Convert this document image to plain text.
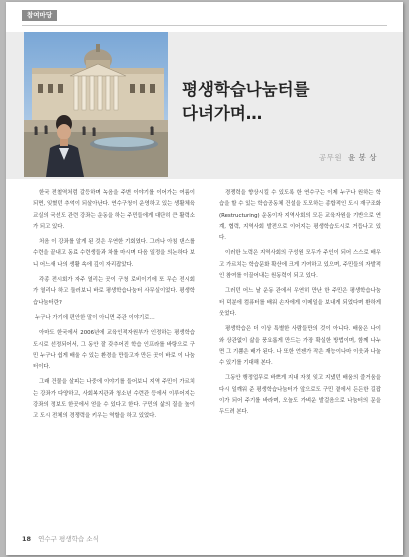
참여마당
평생학습나눔터를
다녀가며…
공무원 윤 봉 상

한국 전철역처럼 갈등하며 녹음을 주변 이야기를 이어가는 여름이 되면, 잊혔던 추억이 되살아난다. 연수구청이 운영하고 있는 생활체육교실의 국선도 관련 강좌는 운동을 하는 주민들에게 대단히 큰 활력소가 되고 있다.

처음 이 강좌를 알게 된 것은 우연한 기회였다. 그러나 아침 댄스를 수련을 끝내고 동료 수련생들과 차를 마시며 다음 일정을 의논하다 보니 어느새 나의 생활 속에 깊이 자리잡았다.

각종 전시회가 자주 열리는 곳이 구청 로비이기에 또 무슨 전시회가 열리나 하고 둘러보니 바로 평생학습나눔터 사무실이었다. 평생학습나눔터란?

누구나 가기에 편안한 말이 아니면 주관 이야기로…

아마도 한국에서 2006년에 교육인적자원부가 인정하는 평생학습도시로 선정되어서, 그 동안 잘 갖추어진 학습 인프라를 바탕으로 구민 누구나 쉽게 배울 수 있는 환경을 만들고자 만든 곳이 바로 이 나눔터이다.

그래 건물을 살피는 나중에 이야기를 들어보니 지역 주민이 가르치는 강좌가 다양하고, 사회복지관과 청소년 수련관 등에서 이루어지는 강좌의 정보도 한곳에서 얻을 수 있다고 한다. 구민의 삶의 질을 높이고 도시 전체의 경쟁력을 키우는 역할을 하고 있었다.

경쟁력을 향상시킬 수 있도록 한 연수구는 이제 누구나 원하는 학습을 할 수 있는 학습공동체 건설을 도모하는 종합적인 도시 재구조화(Restructuring) 운동이자 지역사회의 모든 교육자원을 기반으로 연계, 협력, 지역사회 발전으로 이어지는 평생학습도시로 거듭나고 있다.

이러한 노력은 지역사회의 구성원 모두가 주인이 되어 스스로 배우고 가르치는 학습문화 확산에 크게 기여하고 있으며, 주민들의 자발적인 참여를 이끌어내는 원동력이 되고 있다.

그러던 어느 날 운동 관에서 우연히 만난 한 주민은 평생학습나눔터 덕분에 컴퓨터를 배워 손자에게 이메일을 보내게 되었다며 환하게 웃었다.

평생학습은 더 이상 특별한 사람들만의 것이 아니다. 배움은 나이와 상관없이 삶을 풍요롭게 만드는 가장 확실한 방법이며, 함께 나누면 그 기쁨은 배가 된다. 나 또한 언젠가 작은 재능이나마 이웃과 나눌 수 있기를 기대해 본다.

그동안 행정업무로 바쁘게 지내 자칫 잊고 지냈던 배움의 즐거움을 다시 일깨워 준 평생학습나눔터가 앞으로도 구민 곁에서 든든한 길잡이가 되어 주기를 바라며, 오늘도 가벼운 발걸음으로 나눔터의 문을 두드려 본다.

18 연수구 평생학습 소식
